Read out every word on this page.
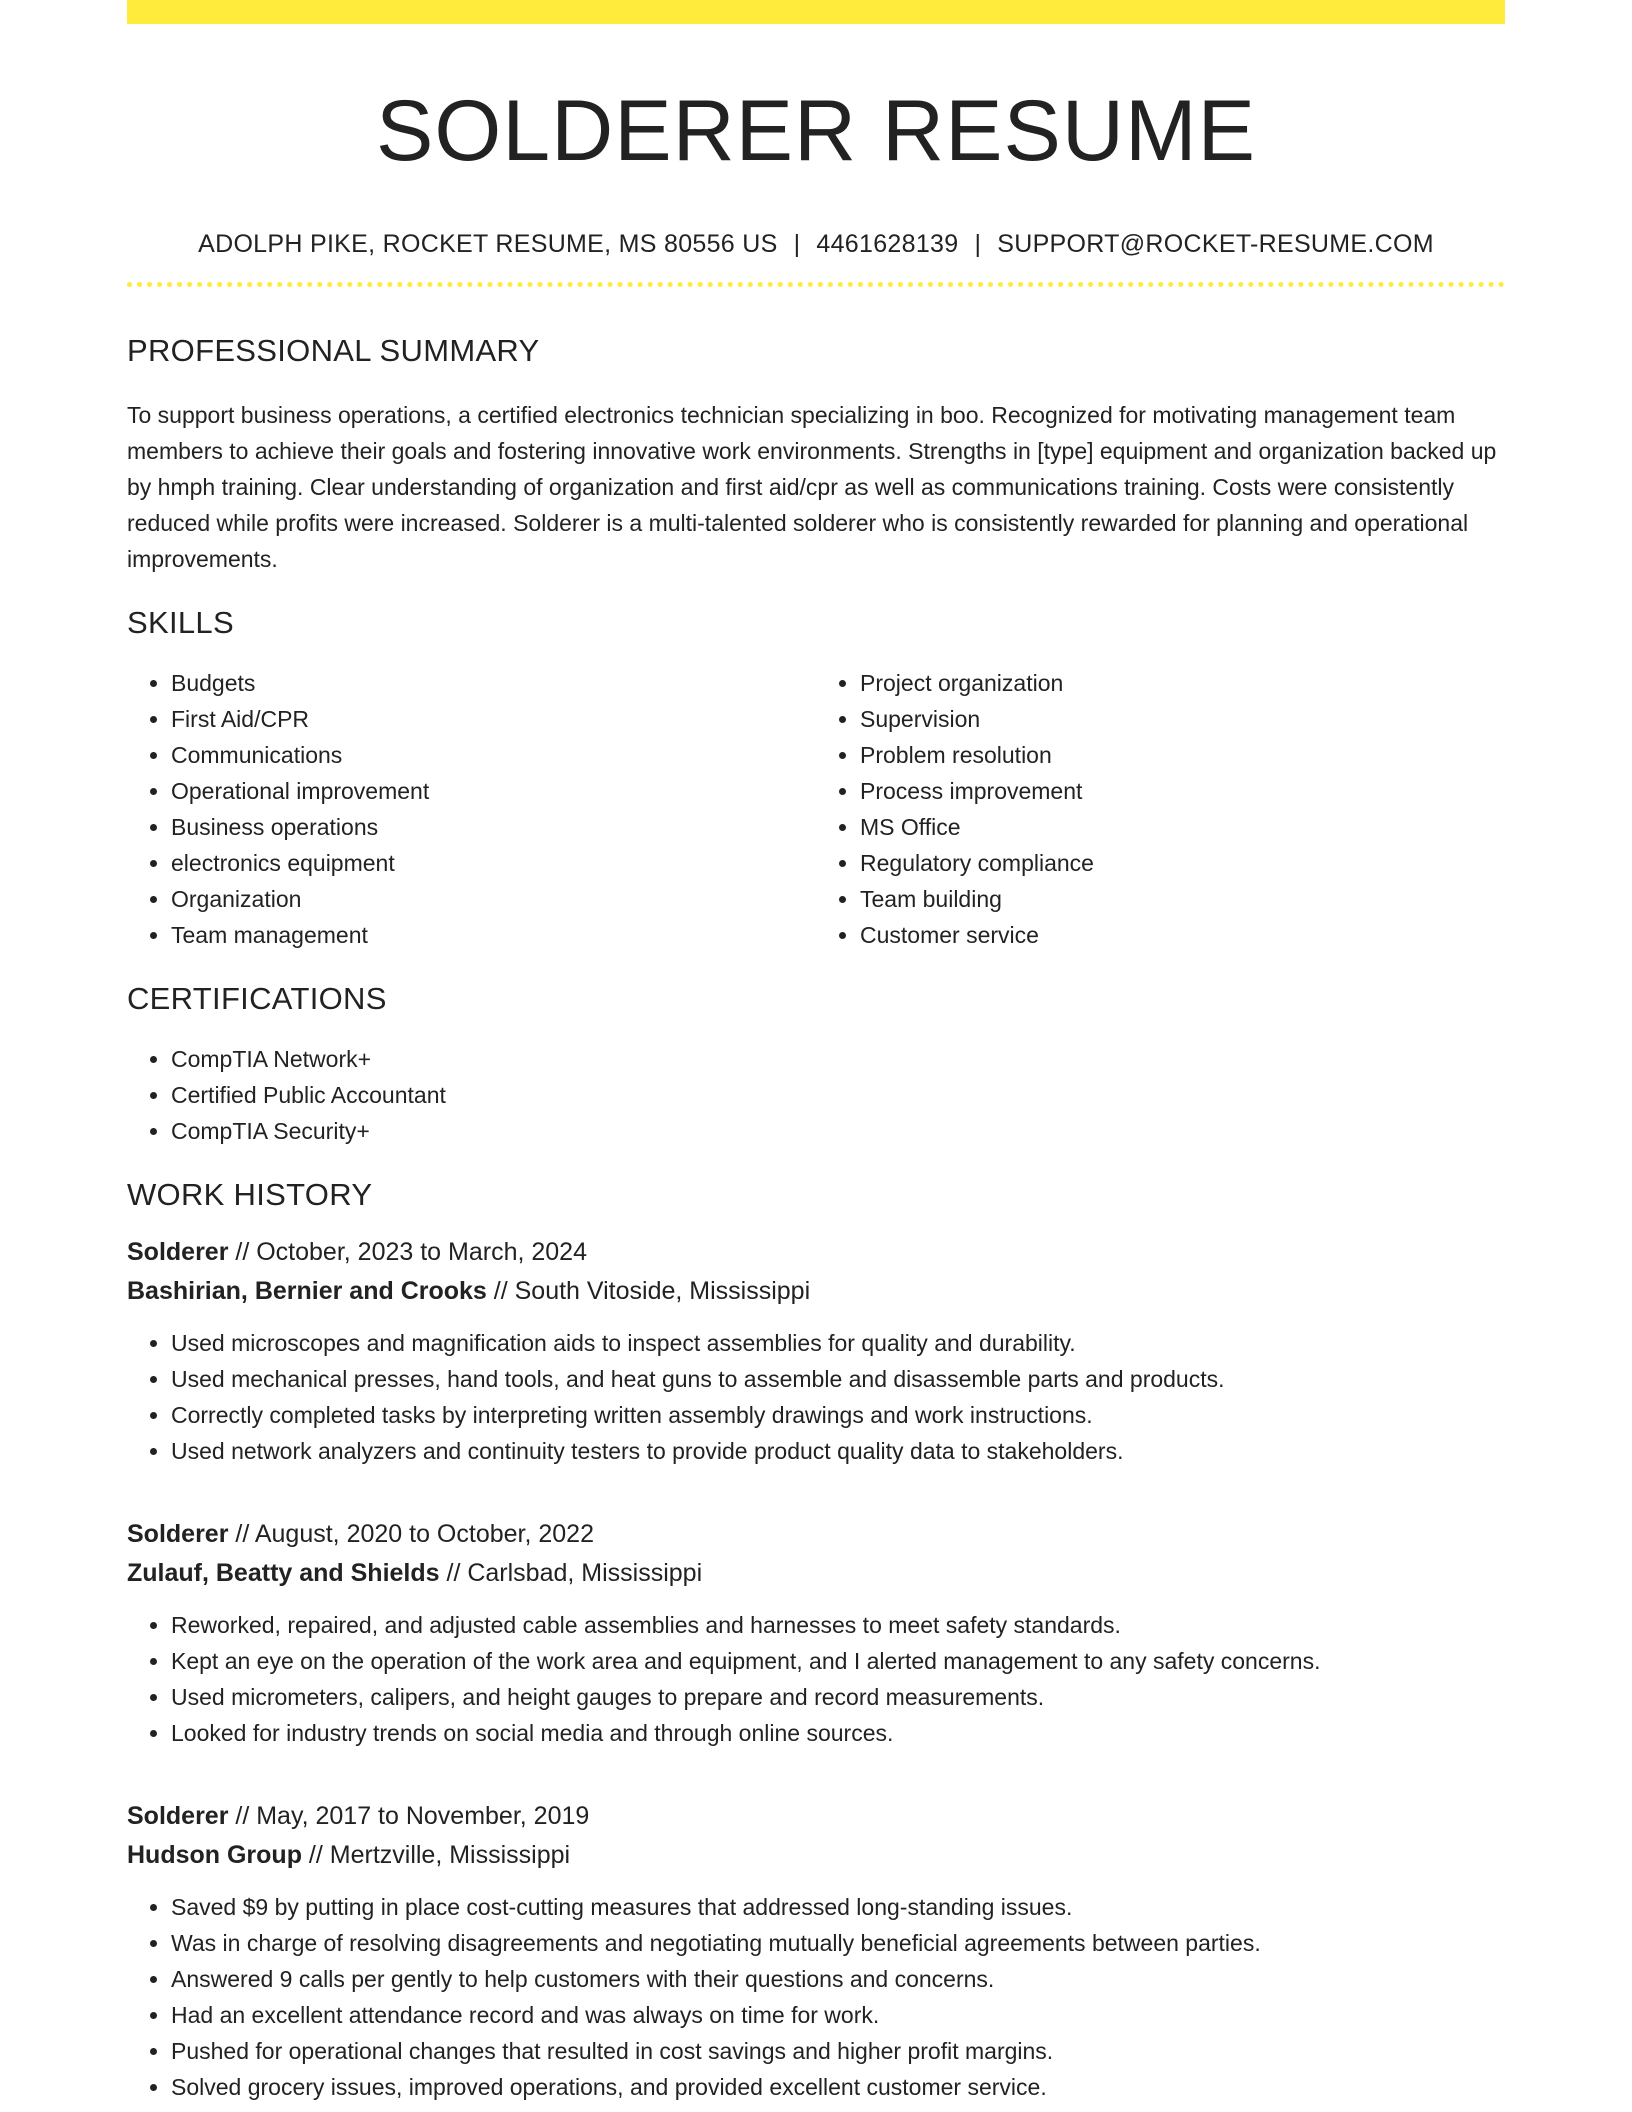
SOLDERER RESUME
ADOLPH PIKE, ROCKET RESUME, MS 80556 US | 4461628139 | SUPPORT@ROCKET-RESUME.COM
PROFESSIONAL SUMMARY

To support business operations, a certified electronics technician specializing in boo. Recognized for motivating management team members to achieve their goals and fostering innovative work environments. Strengths in [type] equipment and organization backed up by hmph training. Clear understanding of organization and first aid/cpr as well as communications training. Costs were consistently reduced while profits were increased. Solderer is a multi-talented solderer who is consistently rewarded for planning and operational improvements.

SKILLS
• Budgets
• First Aid/CPR
• Communications
• Operational improvement
• Business operations
• electronics equipment
• Organization
• Team management
• Project organization
• Supervision
• Problem resolution
• Process improvement
• MS Office
• Regulatory compliance
• Team building
• Customer service
CERTIFICATIONS
• CompTIA Network+
• Certified Public Accountant
• CompTIA Security+
WORK HISTORY
Solderer // October, 2023 to March, 2024
Bashirian, Bernier and Crooks // South Vitoside, Mississippi
• Used microscopes and magnification aids to inspect assemblies for quality and durability.
• Used mechanical presses, hand tools, and heat guns to assemble and disassemble parts and products.
• Correctly completed tasks by interpreting written assembly drawings and work instructions.
• Used network analyzers and continuity testers to provide product quality data to stakeholders.
Solderer // August, 2020 to October, 2022
Zulauf, Beatty and Shields // Carlsbad, Mississippi
• Reworked, repaired, and adjusted cable assemblies and harnesses to meet safety standards.
• Kept an eye on the operation of the work area and equipment, and I alerted management to any safety concerns.
• Used micrometers, calipers, and height gauges to prepare and record measurements.
• Looked for industry trends on social media and through online sources.
Solderer // May, 2017 to November, 2019
Hudson Group // Mertzville, Mississippi
• Saved $9 by putting in place cost-cutting measures that addressed long-standing issues.
• Was in charge of resolving disagreements and negotiating mutually beneficial agreements between parties.
• Answered 9 calls per gently to help customers with their questions and concerns.
• Had an excellent attendance record and was always on time for work.
• Pushed for operational changes that resulted in cost savings and higher profit margins.
• Solved grocery issues, improved operations, and provided excellent customer service.
